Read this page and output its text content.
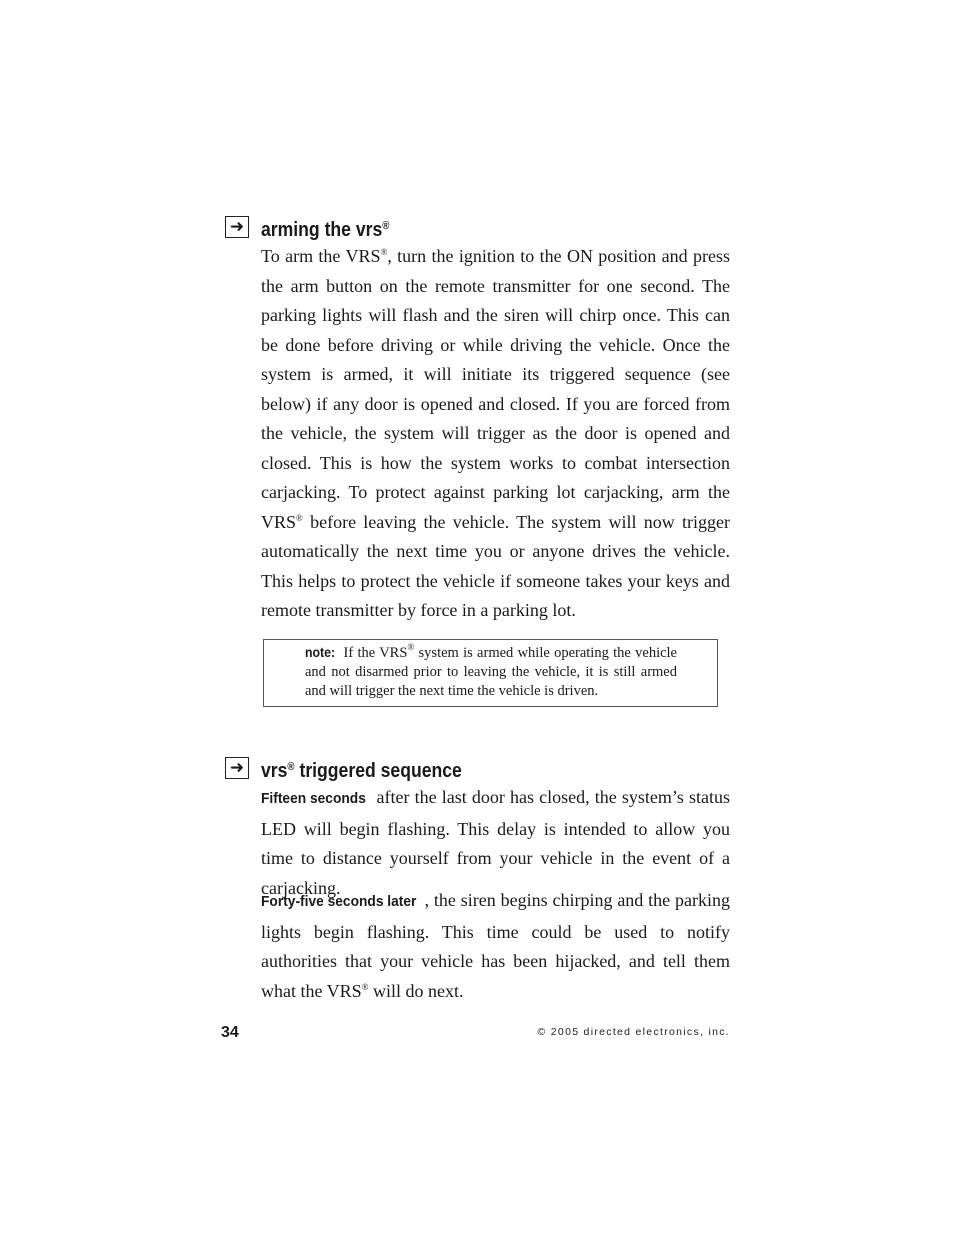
➜ arming the vrs®

To arm the VRS®, turn the ignition to the ON position and press the arm button on the remote transmitter for one second. The parking lights will flash and the siren will chirp once. This can be done before driving or while driving the vehicle. Once the system is armed, it will initiate its triggered sequence (see below) if any door is opened and closed. If you are forced from the vehicle, the system will trigger as the door is opened and closed. This is how the system works to combat intersection carjacking. To protect against parking lot carjacking, arm the VRS® before leaving the vehicle. The system will now trigger automatically the next time you or anyone drives the vehicle. This helps to protect the vehicle if someone takes your keys and remote transmitter by force in a parking lot.

note: If the VRS® system is armed while operating the vehicle and not disarmed prior to leaving the vehicle, it is still armed and will trigger the next time the vehicle is driven.

➜ vrs® triggered sequence

Fifteen seconds after the last door has closed, the system’s status LED will begin flashing. This delay is intended to allow you time to distance yourself from your vehicle in the event of a carjacking.

Forty-five seconds later , the siren begins chirping and the parking lights begin flashing. This time could be used to notify authorities that your vehicle has been hijacked, and tell them what the VRS® will do next.

34	© 2005 directed electronics, inc.
